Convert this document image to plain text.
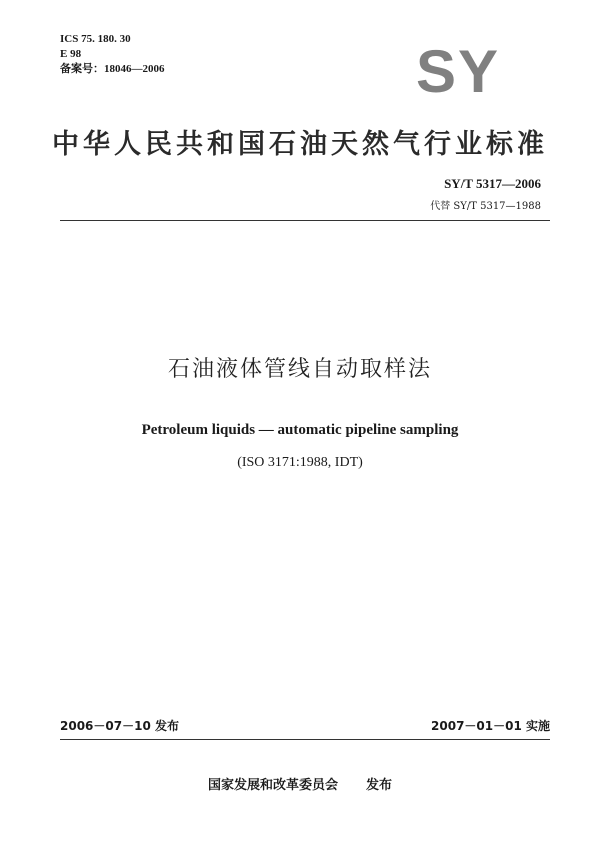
ICS 75. 180. 30
E 98
备案号：18046—2006	SY
中华人民共和国石油天然气行业标准
SY/T 5317—2006
代替 SY/T 5317—1988
石油液体管线自动取样法
Petroleum liquids — automatic pipeline sampling
(ISO 3171:1988, IDT)
2006－07－10 发布	2007－01－01 实施
国家发展和改革委员会 发布
